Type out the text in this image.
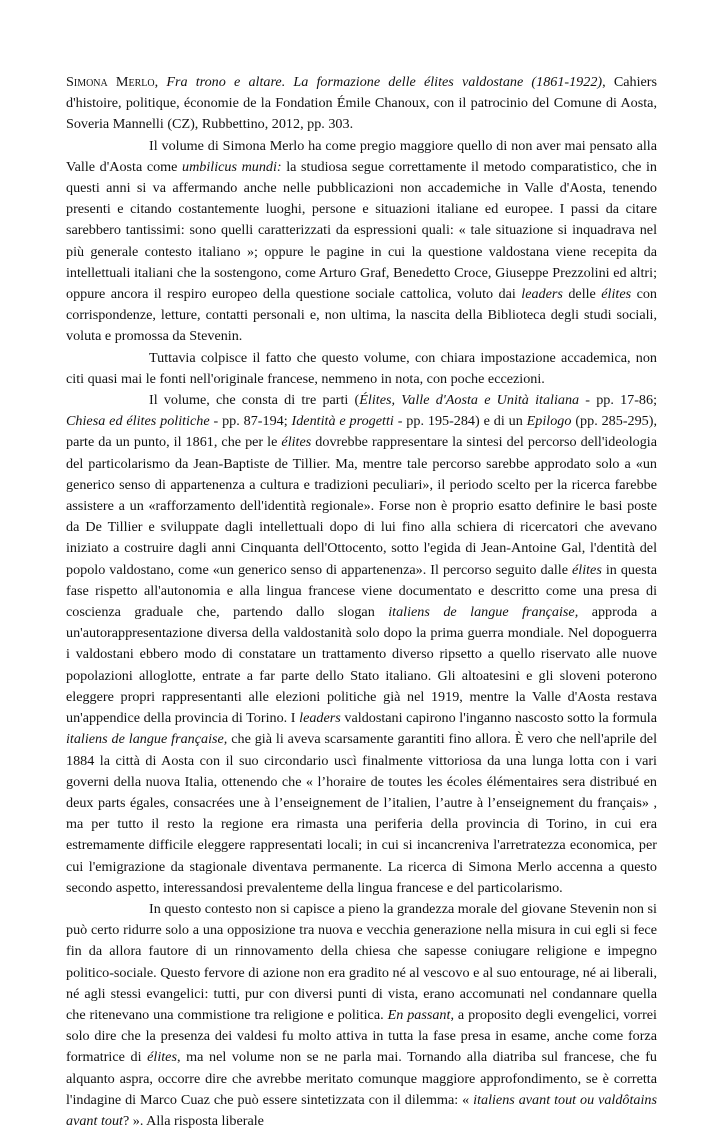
Simona Merlo, Fra trono e altare. La formazione delle élites valdostane (1861-1922), Cahiers d'histoire, politique, économie de la Fondation Émile Chanoux, con il patrocinio del Comune di Aosta, Soveria Mannelli (CZ), Rubbettino, 2012, pp. 303.

Il volume di Simona Merlo ha come pregio maggiore quello di non aver mai pensato alla Valle d'Aosta come umbilicus mundi: la studiosa segue correttamente il metodo comparatistico, che in questi anni si va affermando anche nelle pubblicazioni non accademiche in Valle d'Aosta, tenendo presenti e citando costantemente luoghi, persone e situazioni italiane ed europee. I passi da citare sarebbero tantissimi: sono quelli caratterizzati da espressioni quali: « tale situazione si inquadrava nel più generale contesto italiano »; oppure le pagine in cui la questione valdostana viene recepita da intellettuali italiani che la sostengono, come Arturo Graf, Benedetto Croce, Giuseppe Prezzolini ed altri; oppure ancora il respiro europeo della questione sociale cattolica, voluto dai leaders delle élites con corrispondenze, letture, contatti personali e, non ultima, la nascita della Biblioteca degli studi sociali, voluta e promossa da Stevenin.

Tuttavia colpisce il fatto che questo volume, con chiara impostazione accademica, non citi quasi mai le fonti nell'originale francese, nemmeno in nota, con poche eccezioni.

Il volume, che consta di tre parti (Élites, Valle d'Aosta e Unità italiana - pp. 17-86; Chiesa ed élites politiche - pp. 87-194; Identità e progetti - pp. 195-284) e di un Epilogo (pp. 285-295), parte da un punto, il 1861, che per le élites dovrebbe rappresentare la sintesi del percorso dell'ideologia del particolarismo da Jean-Baptiste de Tillier. Ma, mentre tale percorso sarebbe approdato solo a «un generico senso di appartenenza a cultura e tradizioni peculiari», il periodo scelto per la ricerca farebbe assistere a un «rafforzamento dell'identità regionale». Forse non è proprio esatto definire le basi poste da De Tillier e sviluppate dagli intellettuali dopo di lui fino alla schiera di ricercatori che avevano iniziato a costruire dagli anni Cinquanta dell'Ottocento, sotto l'egida di Jean-Antoine Gal, l'dentità del popolo valdostano, come «un generico senso di appartenenza». Il percorso seguito dalle élites in questa fase rispetto all'autonomia e alla lingua francese viene documentato e descritto come una presa di coscienza graduale che, partendo dallo slogan italiens de langue française, approda a un'autorappresentazione diversa della valdostanità solo dopo la prima guerra mondiale. Nel dopoguerra i valdostani ebbero modo di constatare un trattamento diverso ripsetto a quello riservato alle nuove popolazioni alloglotte, entrate a far parte dello Stato italiano. Gli altoatesini e gli sloveni poterono eleggere propri rappresentanti alle elezioni politiche già nel 1919, mentre la Valle d'Aosta restava un'appendice della provincia di Torino. I leaders valdostani capirono l'inganno nascosto sotto la formula italiens de langue française, che già li aveva scarsamente garantiti fino allora. È vero che nell'aprile del 1884 la città di Aosta con il suo circondario uscì finalmente vittoriosa da una lunga lotta con i vari governi della nuova Italia, ottenendo che « l’horaire de toutes les écoles élémentaires sera distribué en deux parts égales, consacrées une à l’enseignement de l’italien, l’autre à l’enseignement du français» , ma per tutto il resto la regione era rimasta una periferia della provincia di Torino, in cui era estremamente difficile eleggere rappresentati locali; in cui si incancreniva l'arretratezza economica, per cui l'emigrazione da stagionale diventava permanente. La ricerca di Simona Merlo accenna a questo secondo aspetto, interessandosi prevalenteme della lingua francese e del particolarismo.

In questo contesto non si capisce a pieno la grandezza morale del giovane Stevenin non si può certo ridurre solo a una opposizione tra nuova e vecchia generazione nella misura in cui egli si fece fin da allora fautore di un rinnovamento della chiesa che sapesse coniugare religione e impegno politico-sociale. Questo fervore di azione non era gradito né al vescovo e al suo entourage, né ai liberali, né agli stessi evangelici: tutti, pur con diversi punti di vista, erano accomunati nel condannare quella che ritenevano una commistione tra religione e politica. En passant, a proposito degli evengelici, vorrei solo dire che la presenza dei valdesi fu molto attiva in tutta la fase presa in esame, anche come forza formatrice di élites, ma nel volume non se ne parla mai. Tornando alla diatriba sul francese, che fu alquanto aspra, occorre dire che avrebbe meritato comunque maggiore approfondimento, se è corretta l'indagine di Marco Cuaz che può essere sintetizzata con il dilemma: « italiens avant tout ou valdôtains avant tout? ». Alla risposta liberale
